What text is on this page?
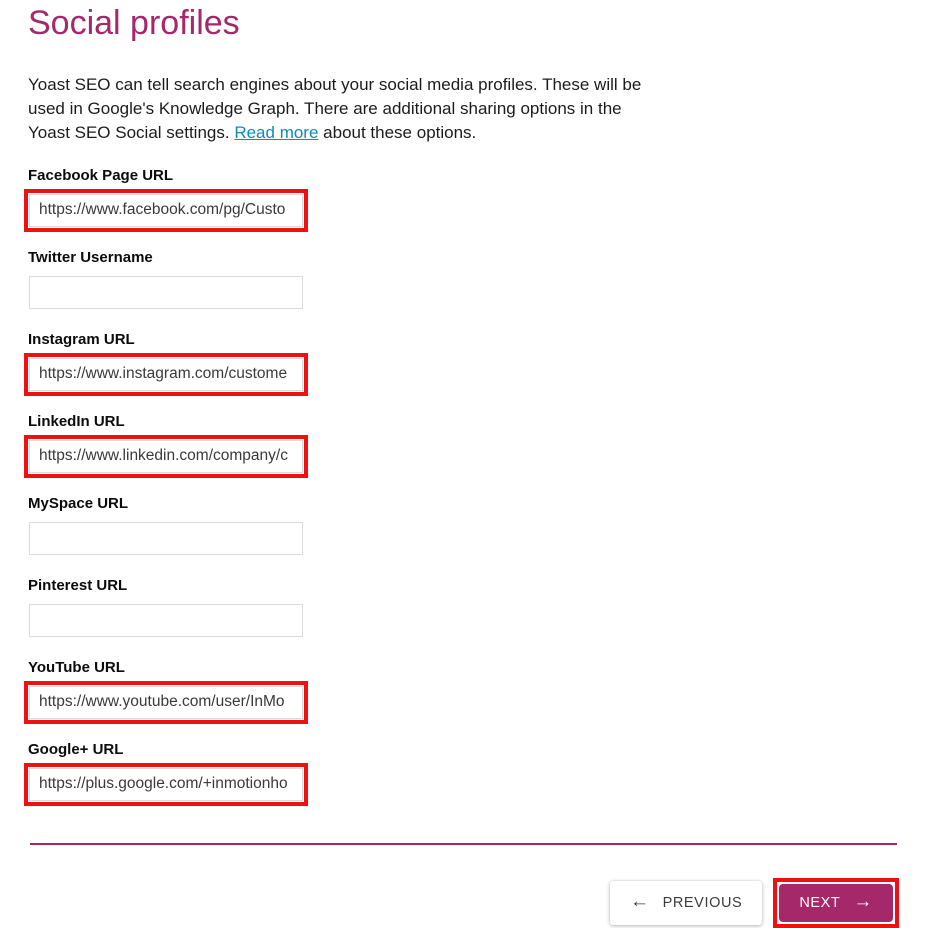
Social profiles

Yoast SEO can tell search engines about your social media profiles. These will be used in Google's Knowledge Graph. There are additional sharing options in the Yoast SEO Social settings. Read more about these options.

Facebook Page URL
https://www.facebook.com/pg/Custo
Twitter Username
Instagram URL
https://www.instagram.com/custome
LinkedIn URL
https://www.linkedin.com/company/c
MySpace URL
Pinterest URL
YouTube URL
https://www.youtube.com/user/InMo
Google+ URL
https://plus.google.com/+inmotionho
← PREVIOUS	NEXT →
